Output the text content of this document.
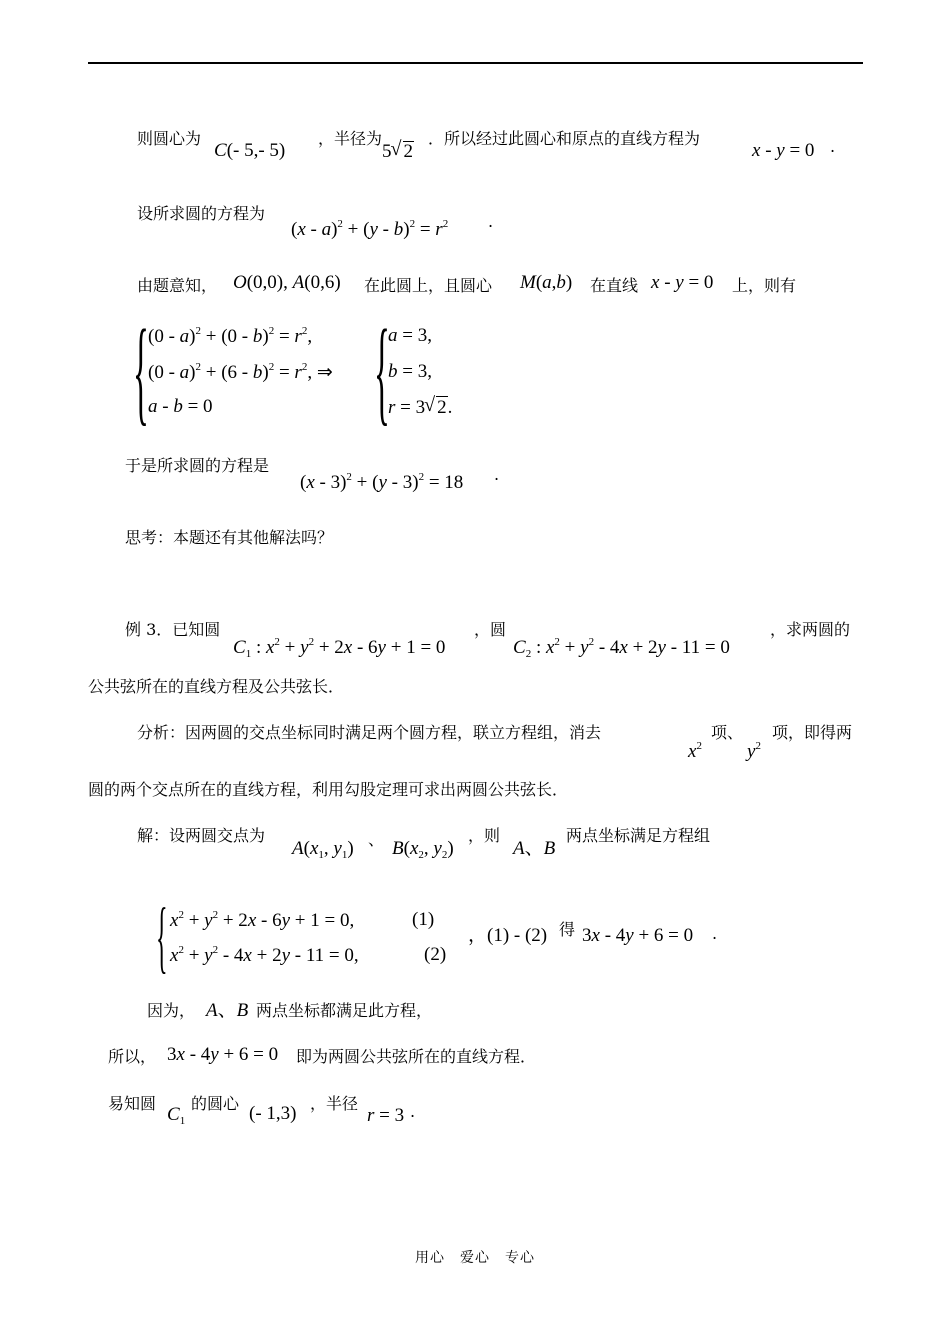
则圆心为
C(- 5,- 5)
，半径为
5 √ 2
．所以经过此圆心和原点的直线方程为
x - y = 0 .
设所求圆的方程为
$(x - a)^2 + (y - b)^2 = r^2$ .
由题意知， O(0,0), A(0,6) 在此圆上，且圆心 M(a,b) 在直线 x - y = 0 上，则有
{ $(0 - a)^2 + (0 - b)^2 = r^2$,
$(0 - a)^2 + (6 - b)^2 = r^2$, ⇒
a - b = 0 {
a = 3,
b = 3,
r = 3 √ 2.
于是所求圆的方程是
(x - 3)$^2$ + (y - 3)$^2$ = 18 .
思考：本题还有其他解法吗？
例 3．已知圆
$C_1$ : $x^2 + y^2 + 2x - 6y + 1 = 0$
，圆
$C_2$ : $x^2 + y^2 - 4x + 2y - 11 = 0$
，求两圆的
公共弦所在的直线方程及公共弦长．
分析：因两圆的交点坐标同时满足两个圆方程，联立方程组，消去
$x^2$
项、
$y^2$
项，即得两
圆的两个交点所在的直线方程，利用勾股定理可求出两圆公共弦长．
解：设两圆交点为
$A(x_1$, $y_1$) 、 $B(x_2$, $y_2$)
，则
A、B
两点坐标满足方程组
{ $x^2 + y^2 + 2x - 6y + 1 = 0$,	(1)
$x^2 + y^2 - 4x + 2y - 11 = 0$,	(2)
，(1) - (2) 得 3x - 4y + 6 = 0 .
因为， A、B 两点坐标都满足此方程，
所以， 3x - 4y + 6 = 0 即为两圆公共弦所在的直线方程．
易知圆
$C_1$
的圆心 (- 1,3) ，半径
r = 3 .
用心　爱心　专心
